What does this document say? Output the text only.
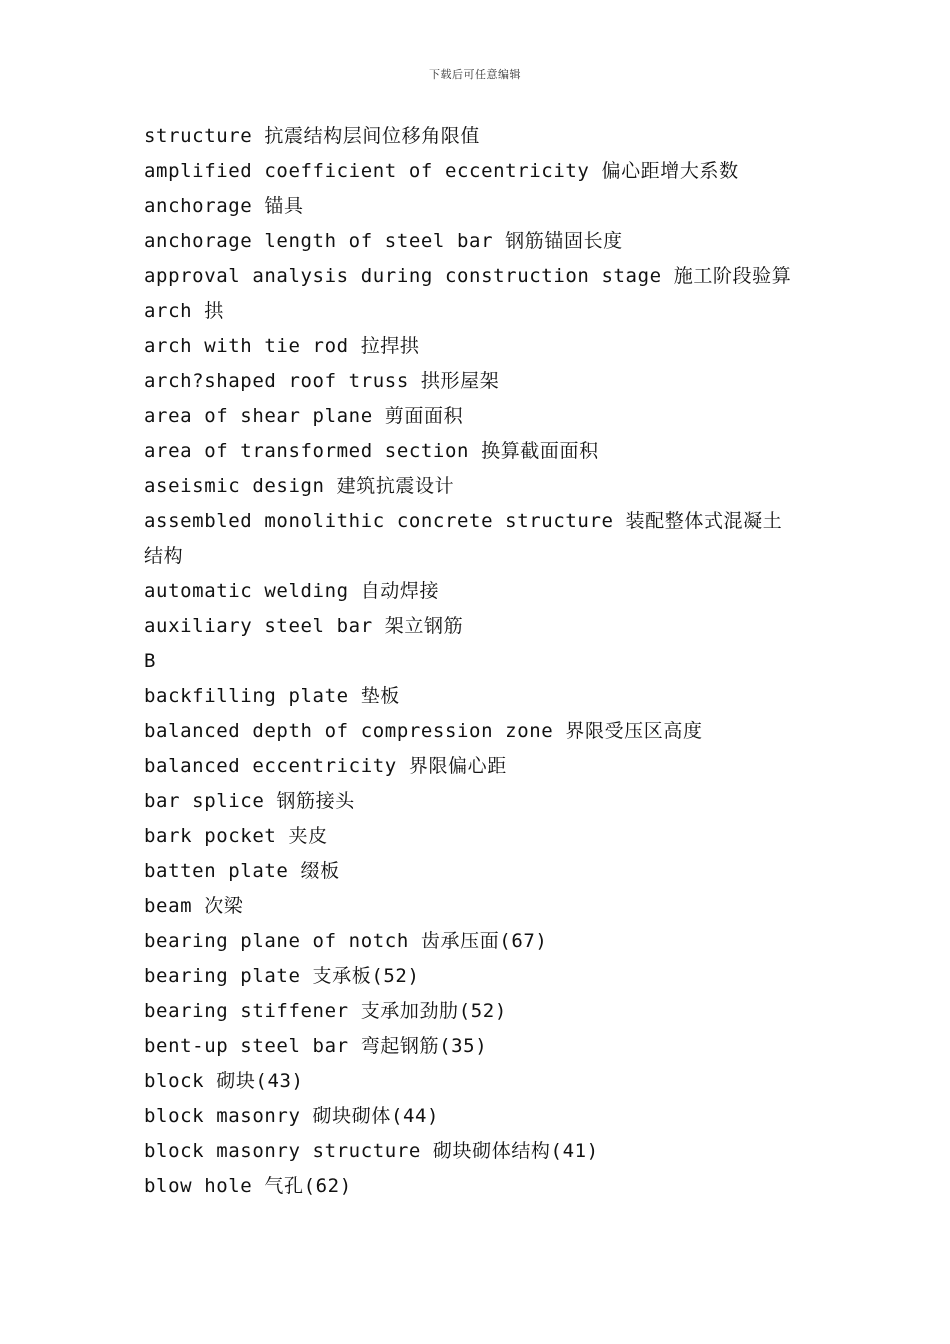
下载后可任意编辑
structure 抗震结构层间位移角限值
amplified coefficient of eccentricity 偏心距增大系数
anchorage 锚具
anchorage length of steel bar 钢筋锚固长度
approval analysis during construction stage 施工阶段验算
arch 拱
arch with tie rod 拉捍拱
arch?shaped roof truss 拱形屋架
area of shear plane 剪面面积
area of transformed section 换算截面面积
aseismic design 建筑抗震设计
assembled monolithic concrete structure 装配整体式混凝土
结构
automatic welding 自动焊接
auxiliary steel bar 架立钢筋
B
backfilling plate 垫板
balanced depth of compression zone 界限受压区高度
balanced eccentricity 界限偏心距
bar splice 钢筋接头
bark pocket 夹皮
batten plate 缀板
beam 次梁
bearing plane of notch 齿承压面(67)
bearing plate 支承板(52)
bearing stiffener 支承加劲肋(52)
bent-up steel bar 弯起钢筋(35)
block 砌块(43)
block masonry 砌块砌体(44)
block masonry structure 砌块砌体结构(41)
blow hole 气孔(62)
